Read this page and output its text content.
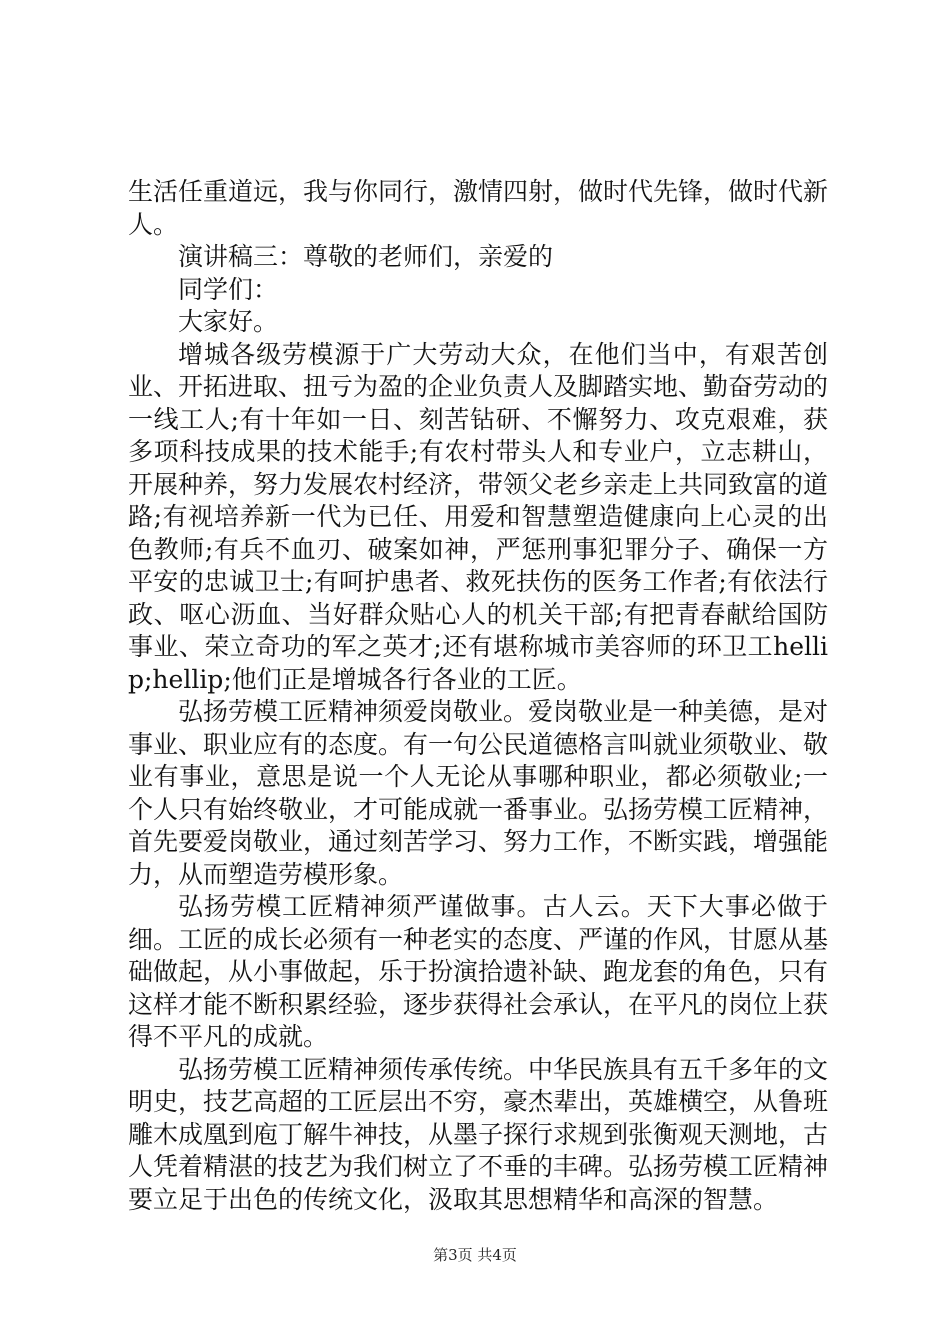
生活任重道远，我与你同行，激情四射，做时代先锋，做时代新人。

演讲稿三：尊敬的老师们，亲爱的

同学们：

大家好。

增城各级劳模源于广大劳动大众，在他们当中，有艰苦创业、开拓进取、扭亏为盈的企业负责人及脚踏实地、勤奋劳动的一线工人;有十年如一日、刻苦钻研、不懈努力、攻克艰难，获多项科技成果的技术能手;有农村带头人和专业户，立志耕山，开展种养，努力发展农村经济，带领父老乡亲走上共同致富的道路;有视培养新一代为已任、用爱和智慧塑造健康向上心灵的出色教师;有兵不血刃、破案如神，严惩刑事犯罪分子、确保一方平安的忠诚卫士;有呵护患者、救死扶伤的医务工作者;有依法行政、呕心沥血、当好群众贴心人的机关干部;有把青春献给国防事业、荣立奇功的军之英才;还有堪称城市美容师的环卫工hellip;hellip;他们正是增城各行各业的工匠。

弘扬劳模工匠精神须爱岗敬业。爱岗敬业是一种美德，是对事业、职业应有的态度。有一句公民道德格言叫就业须敬业、敬业有事业，意思是说一个人无论从事哪种职业，都必须敬业;一个人只有始终敬业，才可能成就一番事业。弘扬劳模工匠精神，首先要爱岗敬业，通过刻苦学习、努力工作，不断实践，增强能力，从而塑造劳模形象。

弘扬劳模工匠精神须严谨做事。古人云。天下大事必做于细。工匠的成长必须有一种老实的态度、严谨的作风，甘愿从基础做起，从小事做起，乐于扮演拾遗补缺、跑龙套的角色，只有这样才能不断积累经验，逐步获得社会承认，在平凡的岗位上获得不平凡的成就。

弘扬劳模工匠精神须传承传统。中华民族具有五千多年的文明史，技艺高超的工匠层出不穷，豪杰辈出，英雄横空，从鲁班雕木成凰到庖丁解牛神技，从墨子探行求规到张衡观天测地，古人凭着精湛的技艺为我们树立了不垂的丰碑。弘扬劳模工匠精神要立足于出色的传统文化，汲取其思想精华和高深的智慧。

第3页 共4页
